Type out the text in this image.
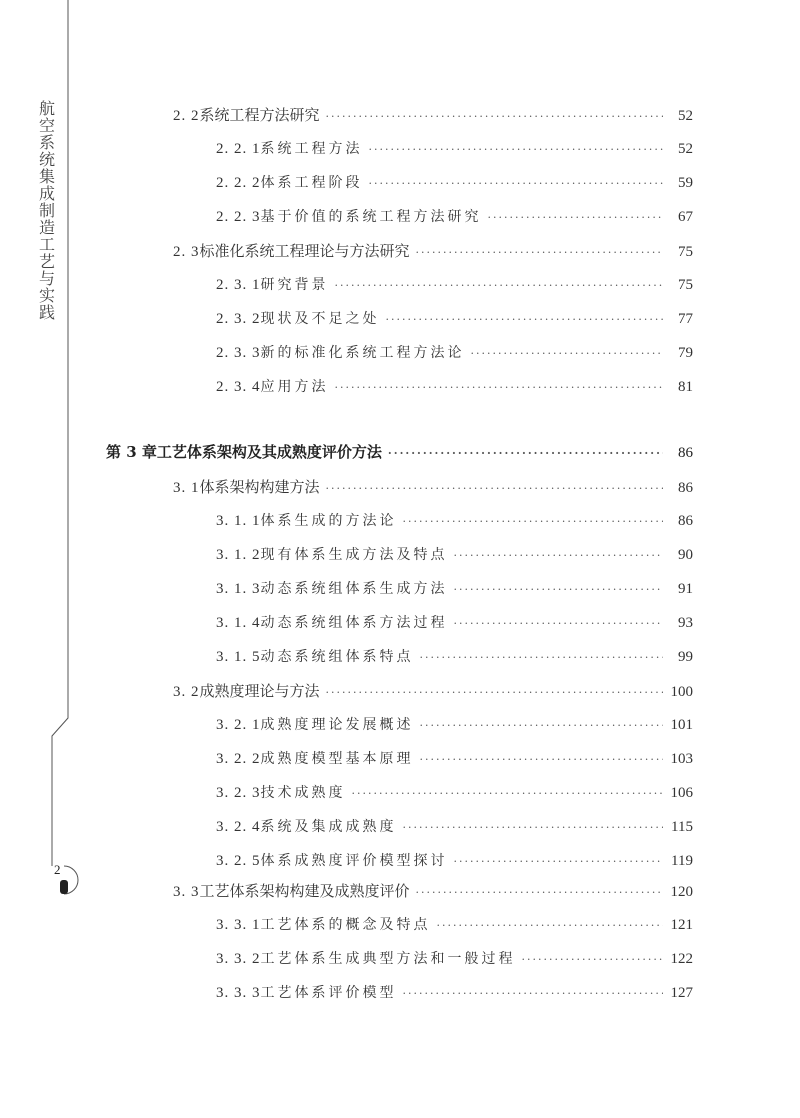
航空系统集成制造工艺与实践
2
2. 2 系统工程方法研究 ·····	52
2. 2. 1 系统工程方法 ·····	52
2. 2. 2 体系工程阶段 ·····	59
2. 2. 3 基于价值的系统工程方法研究 ·····	67
2. 3 标准化系统工程理论与方法研究 ·····	75
2. 3. 1 研究背景 ·····	75
2. 3. 2 现状及不足之处 ·····	77
2. 3. 3 新的标准化系统工程方法论 ·····	79
2. 3. 4 应用方法 ·····	81
第 3 章 工艺体系架构及其成熟度评价方法 ·····	86
3. 1 体系架构构建方法 ·····	86
3. 1. 1 体系生成的方法论 ·····	86
3. 1. 2 现有体系生成方法及特点 ·····	90
3. 1. 3 动态系统组体系生成方法 ·····	91
3. 1. 4 动态系统组体系方法过程 ·····	93
3. 1. 5 动态系统组体系特点 ·····	99
3. 2 成熟度理论与方法 ·····	100
3. 2. 1 成熟度理论发展概述 ·····	101
3. 2. 2 成熟度模型基本原理 ·····	103
3. 2. 3 技术成熟度 ·····	106
3. 2. 4 系统及集成成熟度 ·····	115
3. 2. 5 体系成熟度评价模型探讨 ·····	119
3. 3 工艺体系架构构建及成熟度评价 ·····	120
3. 3. 1 工艺体系的概念及特点 ·····	121
3. 3. 2 工艺体系生成典型方法和一般过程 ·····	122
3. 3. 3 工艺体系评价模型 ·····	127
